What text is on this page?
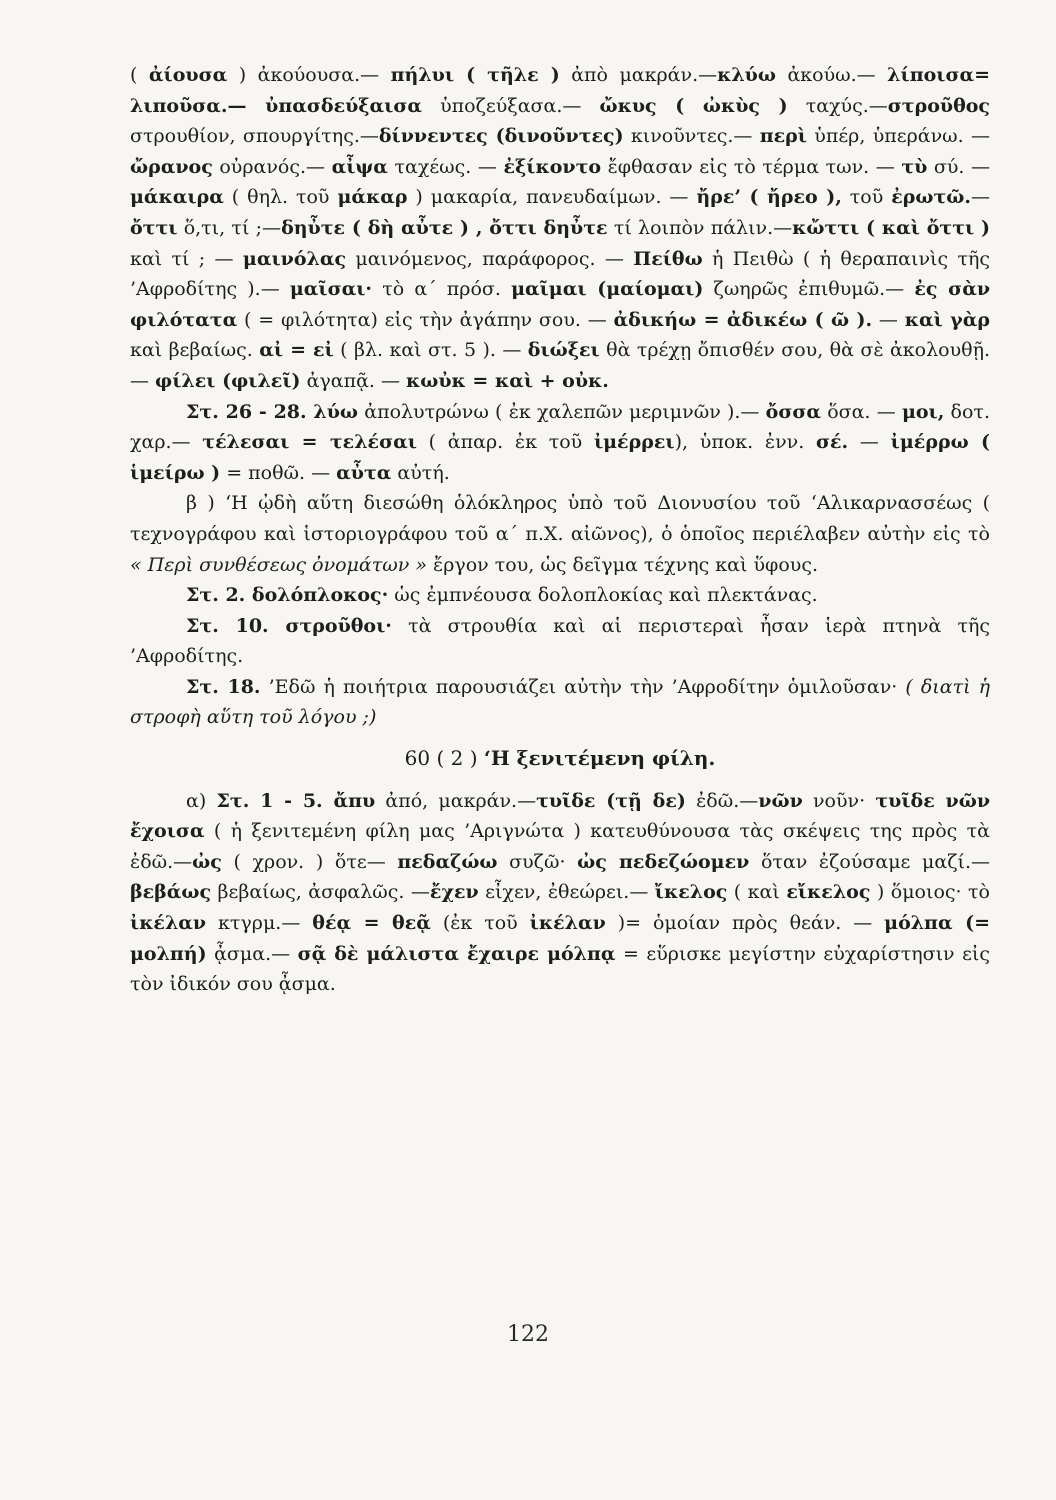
( ἀίουσα ) ἀκούουσα.— πήλυι ( τῆλε ) ἀπὸ μακράν.—κλύω ἀκούω.— λίποισα= λιποῦσα.— ὐπασδεύξαισα ὑποζεύξασα.— ὤκυς ( ὠκὺς ) ταχύς.—στροῦθος στρουθίον, σπουργίτης.—δίννεντες (δινοῦντες) κινοῦντες.— περὶ ὑπέρ, ὑπεράνω. — ὤρανος οὐρανός.— αἶψα ταχέως. — ἐξίκοντο ἔφθασαν εἰς τὸ τέρμα των. — τὺ σύ. — μάκαιρα ( θηλ. τοῦ μάκαρ ) μακαρία, πανευδαίμων. — ἤρε’ ( ἤρεο ), τοῦ ἐρωτῶ.— ὄττι ὅ,τι, τί ;—δηὖτε ( δὴ αὖτε ) , ὄττι δηὖτε τί λοιπὸν πάλιν.—κὤττι ( καὶ ὄττι ) καὶ τί ; — μαινόλας μαινόμενος, παράφορος. — Πείθω ἡ Πειθὼ ( ἡ θεραπαινὶς τῆς ’Αφροδίτης ).— μαῖσαι· τὸ α΄ πρόσ. μαῖμαι (μαίομαι) ζωηρῶς ἐπιθυμῶ.— ἐς σὰν φιλότατα ( = φιλότητα) εἰς τὴν ἀγάπην σου. — ἀδικήω = ἀδικέω ( ῶ ). — καὶ γὰρ καὶ βεβαίως. αἰ = εἰ ( βλ. καὶ στ. 5 ). — διώξει θὰ τρέχῃ ὄπισθέν σου, θὰ σὲ ἀκολουθῇ.— φίλει (φιλεῖ) ἀγαπᾷ. — κωὐκ = καὶ + οὐκ.

Στ. 26 - 28. λύω ἀπολυτρώνω ( ἐκ χαλεπῶν μεριμνῶν ).— ὄσσα ὅσα. — μοι, δοτ. χαρ.— τέλεσαι = τελέσαι ( ἀπαρ. ἐκ τοῦ ἰμέρρει), ὑποκ. ἐνν. σέ. — ἰμέρρω ( ἱμείρω ) = ποθῶ. — αὖτα αὐτή.

β ) ‘Η ᾠδὴ αὕτη διεσώθη ὁλόκληρος ὑπὸ τοῦ Διονυσίου τοῦ ‘Αλικαρνασσέως ( τεχνογράφου καὶ ἱστοριογράφου τοῦ α΄ π.Χ. αἰῶνος), ὁ ὁποῖος περιέλαβεν αὐτὴν εἰς τὸ « Περὶ συνθέσεως ὀνομάτων » ἔργον του, ὡς δεῖγμα τέχνης καὶ ὕφους.

Στ. 2. δολόπλοκος· ὡς ἐμπνέουσα δολοπλοκίας καὶ πλεκτάνας.

Στ. 10. στροῦθοι· τὰ στρουθία καὶ αἱ περιστεραὶ ἦσαν ἱερὰ πτηνὰ τῆς ’Αφροδίτης.

Στ. 18. ’Εδῶ ἡ ποιήτρια παρουσιάζει αὐτὴν τὴν ’Αφροδίτην ὁμιλοῦσαν· ( διατὶ ἡ στροφὴ αὕτη τοῦ λόγου ;)

60 ( 2 ) ‘Η ξενιτέμενη φίλη.

α) Στ. 1 - 5. ἄπυ ἀπό, μακράν.—τυῖδε (τῇ δε) ἐδῶ.—νῶν νοῦν· τυῖδε νῶν ἔχοισα ( ἡ ξενιτεμένη φίλη μας ’Αριγνώτα ) κατευθύνουσα τὰς σκέψεις της πρὸς τὰ ἐδῶ.—ὠς ( χρον. ) ὅτε— πεδαζώω συζῶ· ὠς πεδεζώομεν ὅταν ἐζούσαμε μαζί.— βεβάως βεβαίως, ἀσφαλῶς. —ἔχεν εἶχεν, ἐθεώρει.— ἴκελος ( καὶ εἴκελος ) ὅμοιος· τὸ ἰκέλαν κτγρμ.— θέᾳ = θεᾷ (ἐκ τοῦ ἰκέλαν )= ὁμοίαν πρὸς θεάν. — μόλπα (= μολπή) ᾆσμα.— σᾷ δὲ μάλιστα ἔχαιρε μόλπᾳ = εὕρισκε μεγίστην εὐχαρίστησιν εἰς τὸν ἰδικόν σου ᾆσμα.

122
